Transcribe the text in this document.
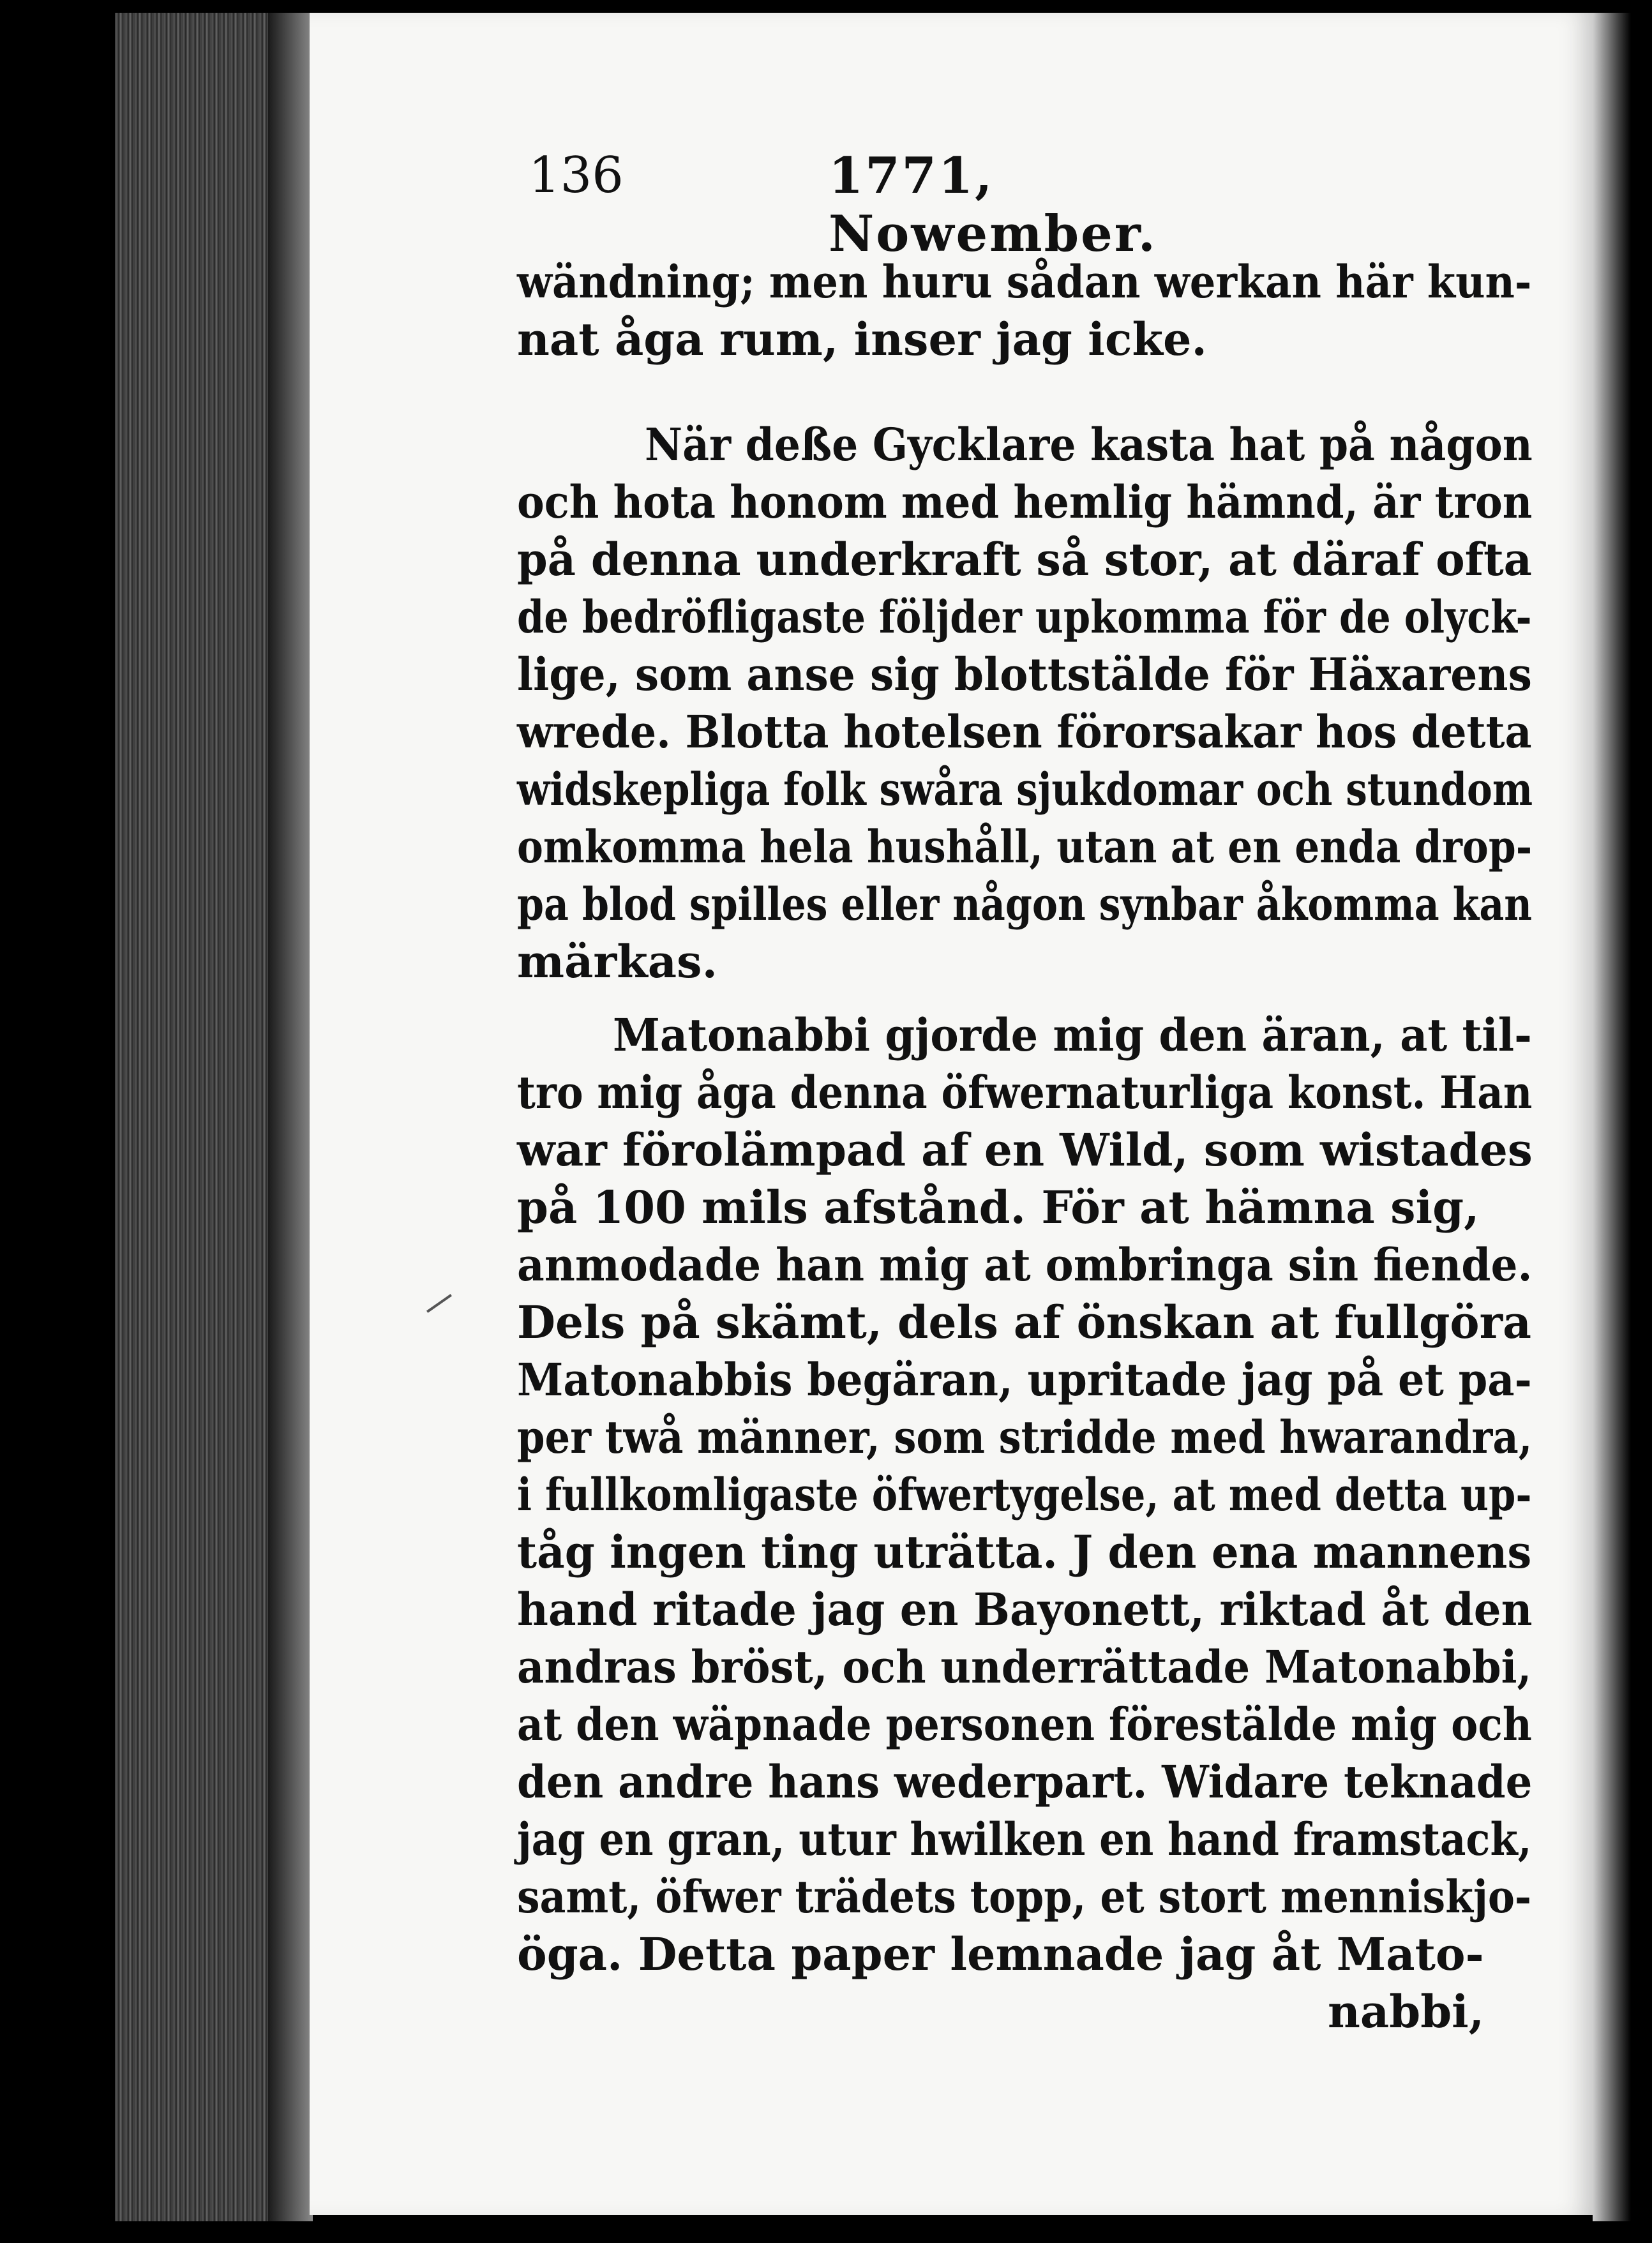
136	1771, Nowember.
wändning; men huru sådan werkan här kun-
nat åga rum, inser jag icke.
När deße Gycklare kasta hat på någon
och hota honom med hemlig hämnd, är tron
på denna underkraft så stor, at däraf ofta
de bedröfligaste följder upkomma för de olyck-
lige, som anse sig blottstälde för Häxarens
wrede. Blotta hotelsen förorsakar hos detta
widskepliga folk swåra sjukdomar och stundom
omkomma hela hushåll, utan at en enda drop-
pa blod spilles eller någon synbar åkomma kan
märkas.
Matonabbi gjorde mig den äran, at til-
tro mig åga denna öfwernaturliga konst. Han
war förolämpad af en Wild, som wistades
på 100 mils afstånd. För at hämna sig,
anmodade han mig at ombringa sin fiende.
Dels på skämt, dels af önskan at fullgöra
Matonabbis begäran, upritade jag på et pa-
per twå männer, som stridde med hwarandra,
i fullkomligaste öfwertygelse, at med detta up-
tåg ingen ting uträtta. J den ena mannens
hand ritade jag en Bayonett, riktad åt den
andras bröst, och underrättade Matonabbi,
at den wäpnade personen förestälde mig och
den andre hans wederpart. Widare teknade
jag en gran, utur hwilken en hand framstack,
samt, öfwer trädets topp, et stort menniskjo-
öga. Detta paper lemnade jag åt Mato-
nabbi,
